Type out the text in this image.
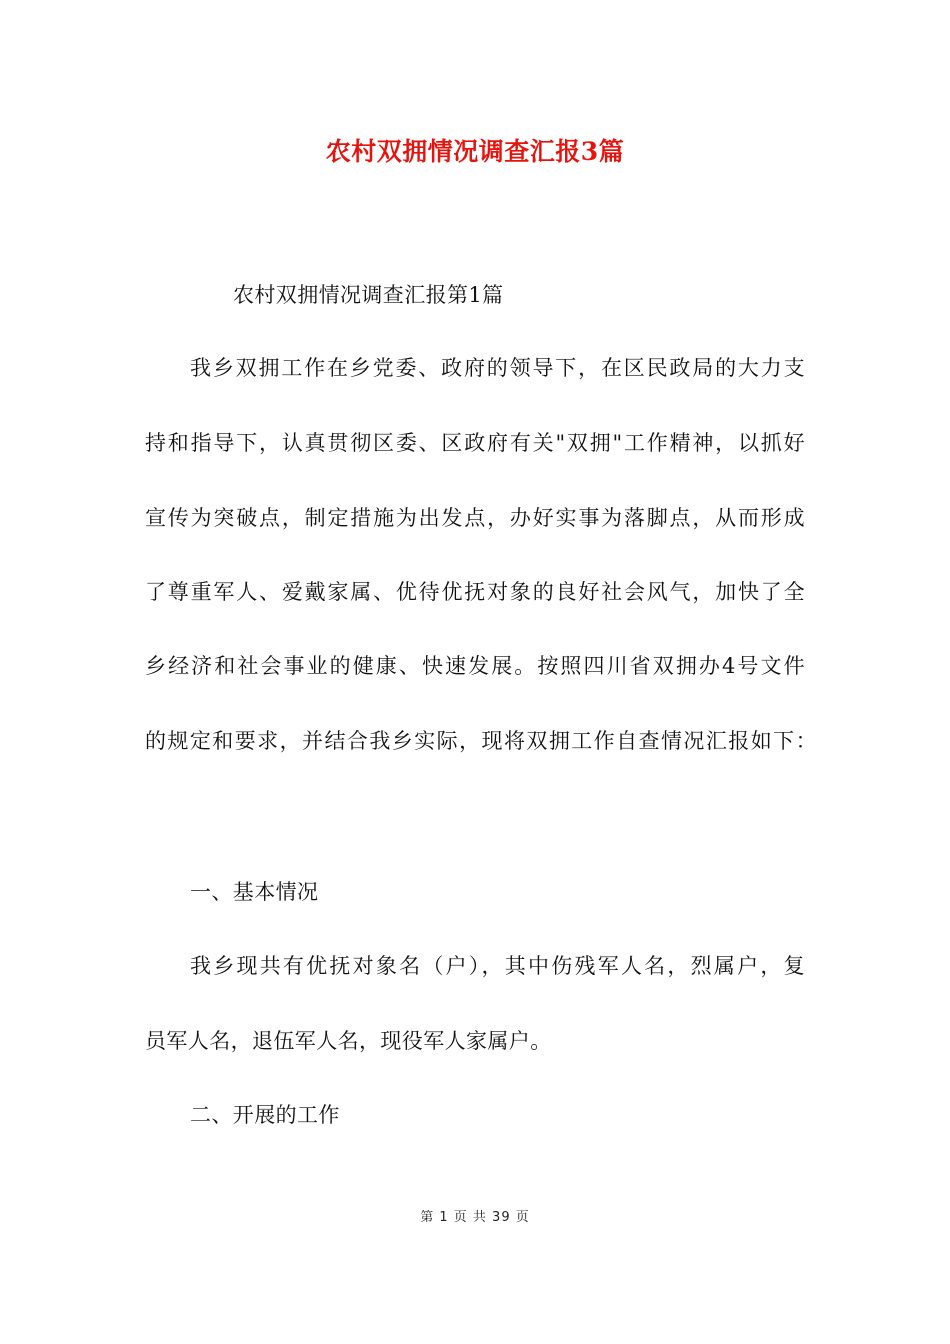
农村双拥情况调查汇报3篇
农村双拥情况调查汇报第1篇
我乡双拥工作在乡党委、政府的领导下，在区民政局的大力支
持和指导下，认真贯彻区委、区政府有关"双拥"工作精神，以抓好
宣传为突破点，制定措施为出发点，办好实事为落脚点，从而形成
了尊重军人、爱戴家属、优待优抚对象的良好社会风气，加快了全
乡经济和社会事业的健康、快速发展。按照四川省双拥办4号文件
的规定和要求，并结合我乡实际，现将双拥工作自查情况汇报如下：
一、基本情况
我乡现共有优抚对象名（户），其中伤残军人名，烈属户，复
员军人名，退伍军人名，现役军人家属户。
二、开展的工作
第 1 页 共 39 页
